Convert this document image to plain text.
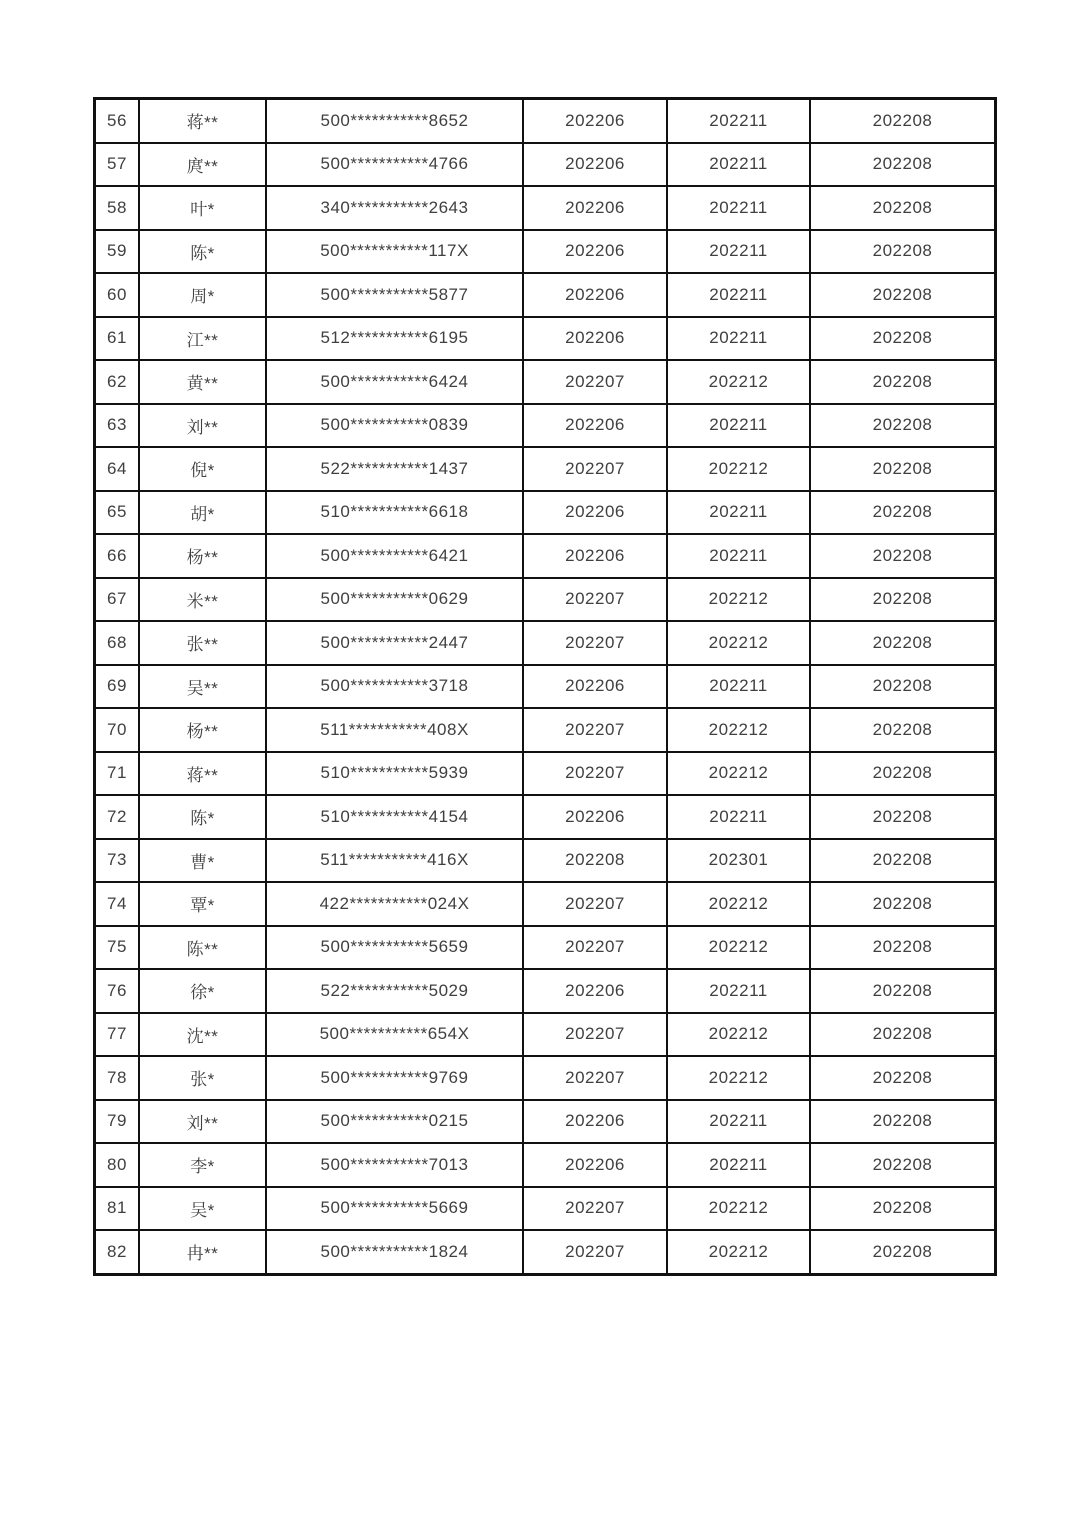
56	蒋**	500***********8652	202206	202211	202208
57	庹**	500***********4766	202206	202211	202208
58	叶*	340***********2643	202206	202211	202208
59	陈*	500***********117X	202206	202211	202208
60	周*	500***********5877	202206	202211	202208
61	江**	512***********6195	202206	202211	202208
62	黄**	500***********6424	202207	202212	202208
63	刘**	500***********0839	202206	202211	202208
64	倪*	522***********1437	202207	202212	202208
65	胡*	510***********6618	202206	202211	202208
66	杨**	500***********6421	202206	202211	202208
67	米**	500***********0629	202207	202212	202208
68	张**	500***********2447	202207	202212	202208
69	吴**	500***********3718	202206	202211	202208
70	杨**	511***********408X	202207	202212	202208
71	蒋**	510***********5939	202207	202212	202208
72	陈*	510***********4154	202206	202211	202208
73	曹*	511***********416X	202208	202301	202208
74	覃*	422***********024X	202207	202212	202208
75	陈**	500***********5659	202207	202212	202208
76	徐*	522***********5029	202206	202211	202208
77	沈**	500***********654X	202207	202212	202208
78	张*	500***********9769	202207	202212	202208
79	刘**	500***********0215	202206	202211	202208
80	李*	500***********7013	202206	202211	202208
81	吴*	500***********5669	202207	202212	202208
82	冉**	500***********1824	202207	202212	202208
